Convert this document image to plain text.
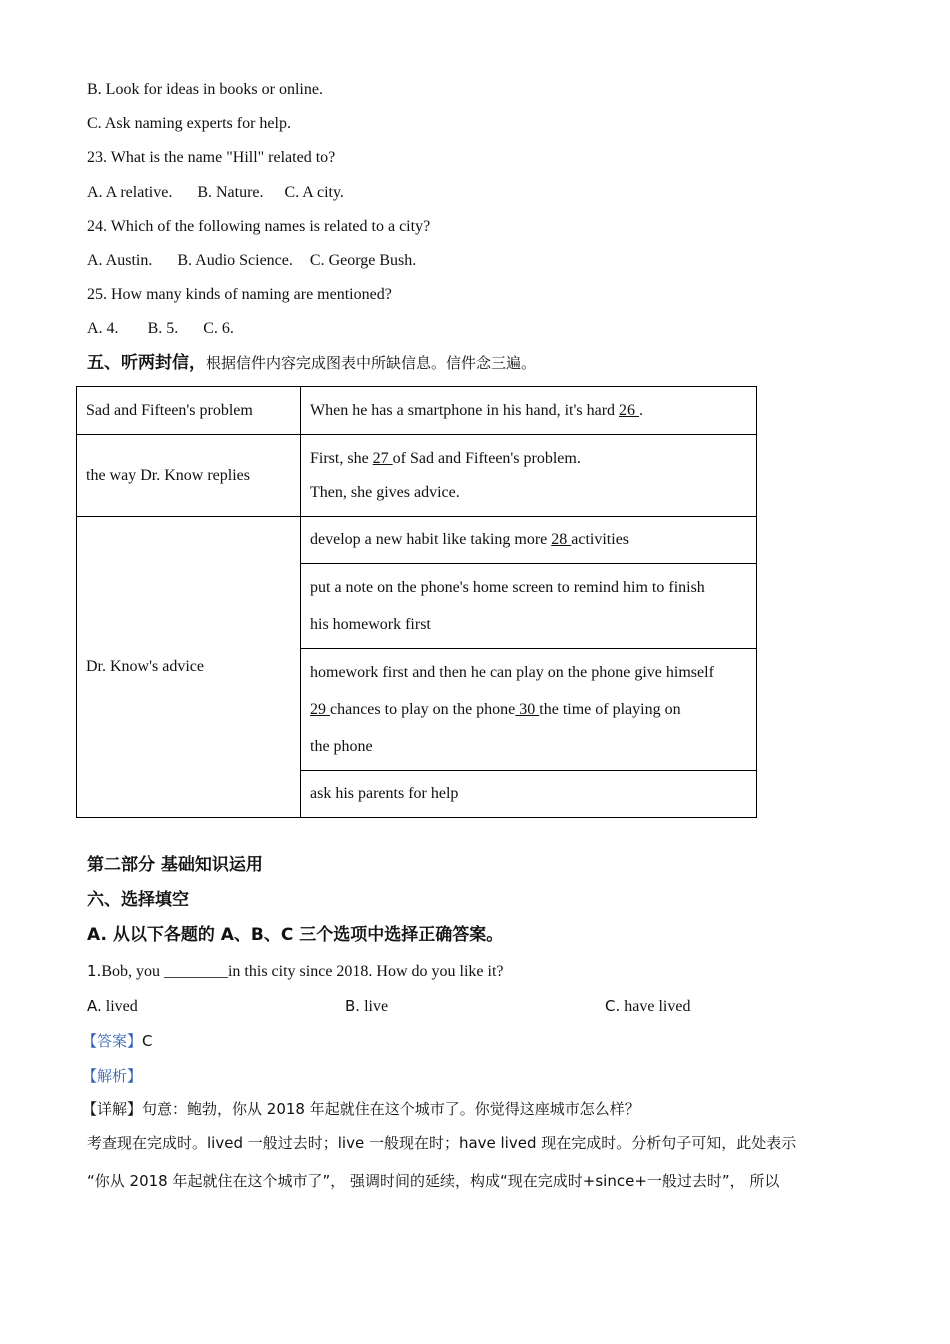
B. Look for ideas in books or online.
C. Ask naming experts for help.
23. What is the name "Hill" related to?
A. A relative. B. Nature. C. A city.
24. Which of the following names is related to a city?
A. Austin. B. Audio Science. C. George Bush.
25. How many kinds of naming are mentioned?
A. 4. B. 5. C. 6.
五、听两封信，根据信件内容完成图表中所缺信息。信件念三遍。
Sad and Fifteen's problem	When he has a smartphone in his hand, it's hard 26 .
the way Dr. Know replies	First, she 27 of Sad and Fifteen's problem.
Then, she gives advice.

Dr. Know's advice	develop a new habit like taking more 28 activities

	put a note on the phone's home screen to remind him to finish
his homework first

	homework first and then he can play on the phone give himself
29 chances to play on the phone 30 the time of playing on
the phone

	ask his parents for help
第二部分 基础知识运用
六、选择填空
A. 从以下各题的 A、B、C 三个选项中选择正确答案。
1.Bob, you ________in this city since 2018. How do you like it?
A. lived	B. live	C. have lived
【答案】C
【解析】
【详解】句意：鲍勃，你从 2018 年起就住在这个城市了。你觉得这座城市怎么样？
考查现在完成时。lived 一般过去时；live 一般现在时；have lived 现在完成时。分析句子可知，此处表示
“你从 2018 年起就住在这个城市了”， 强调时间的延续，构成“现在完成时+since+一般过去时”， 所以
